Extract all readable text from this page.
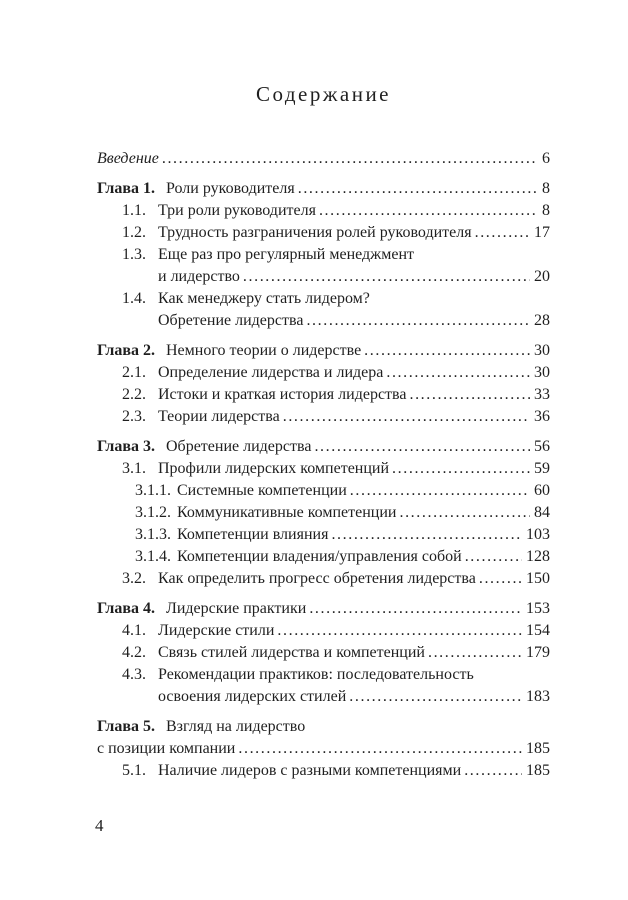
Содержание
Введение .....	6
Глава 1. Роли руководителя .....	8
1.1. Три роли руководителя .....	8
1.2. Трудность разграничения ролей руководителя .....	17
1.3. Еще раз про регулярный менеджмент
и лидерство .....	20
1.4. Как менеджеру стать лидером?
Обретение лидерства .....	28
Глава 2. Немного теории о лидерстве .....	30
2.1. Определение лидерства и лидера .....	30
2.2. Истоки и краткая история лидерства .....	33
2.3. Теории лидерства .....	36
Глава 3. Обретение лидерства .....	56
3.1. Профили лидерских компетенций .....	59
3.1.1. Системные компетенции .....	60
3.1.2. Коммуникативные компетенции .....	84
3.1.3. Компетенции влияния .....	103
3.1.4. Компетенции владения/управления собой .....	128
3.2. Как определить прогресс обретения лидерства .....	150
Глава 4. Лидерские практики .....	153
4.1. Лидерские стили .....	154
4.2. Связь стилей лидерства и компетенций .....	179
4.3. Рекомендации практиков: последовательность
освоения лидерских стилей .....	183
Глава 5. Взгляд на лидерство
с позиции компании .....	185
5.1. Наличие лидеров с разными компетенциями .....	185
4
